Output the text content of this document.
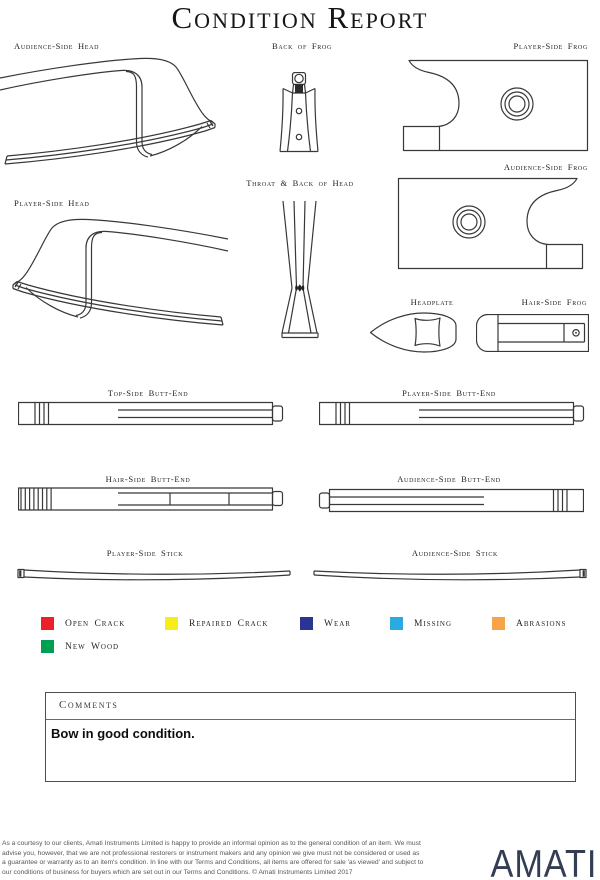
Condition Report
Audience-Side Head	Back of Frog	Player-Side Frog
Player-Side Head
Throat & Back of Head
Audience-Side Frog
Headplate	Hair-Side Frog
Top-Side Butt-End	Player-Side Butt-End
Hair-Side Butt-End	Audience-Side Butt-End
Player-Side Stick	Audience-Side Stick
Open Crack	Repaired Crack	Wear	Missing	Abrasions
New Wood
Comments
Bow in good condition.
As a courtesy to our clients, Amati Instruments Limited is happy to provide an informal opinion as to the general condition of an item. We must
advise you, however, that we are not professional restorers or instrument makers and any opinion we give must not be considered or used as
a guarantee or warranty as to an item's condition. In line with our Terms and Conditions, all items are offered for sale 'as viewed' and subject to
our conditions of business for buyers which are set out in our Terms and Conditions. © Amati Instruments Limited 2017	AMATI
